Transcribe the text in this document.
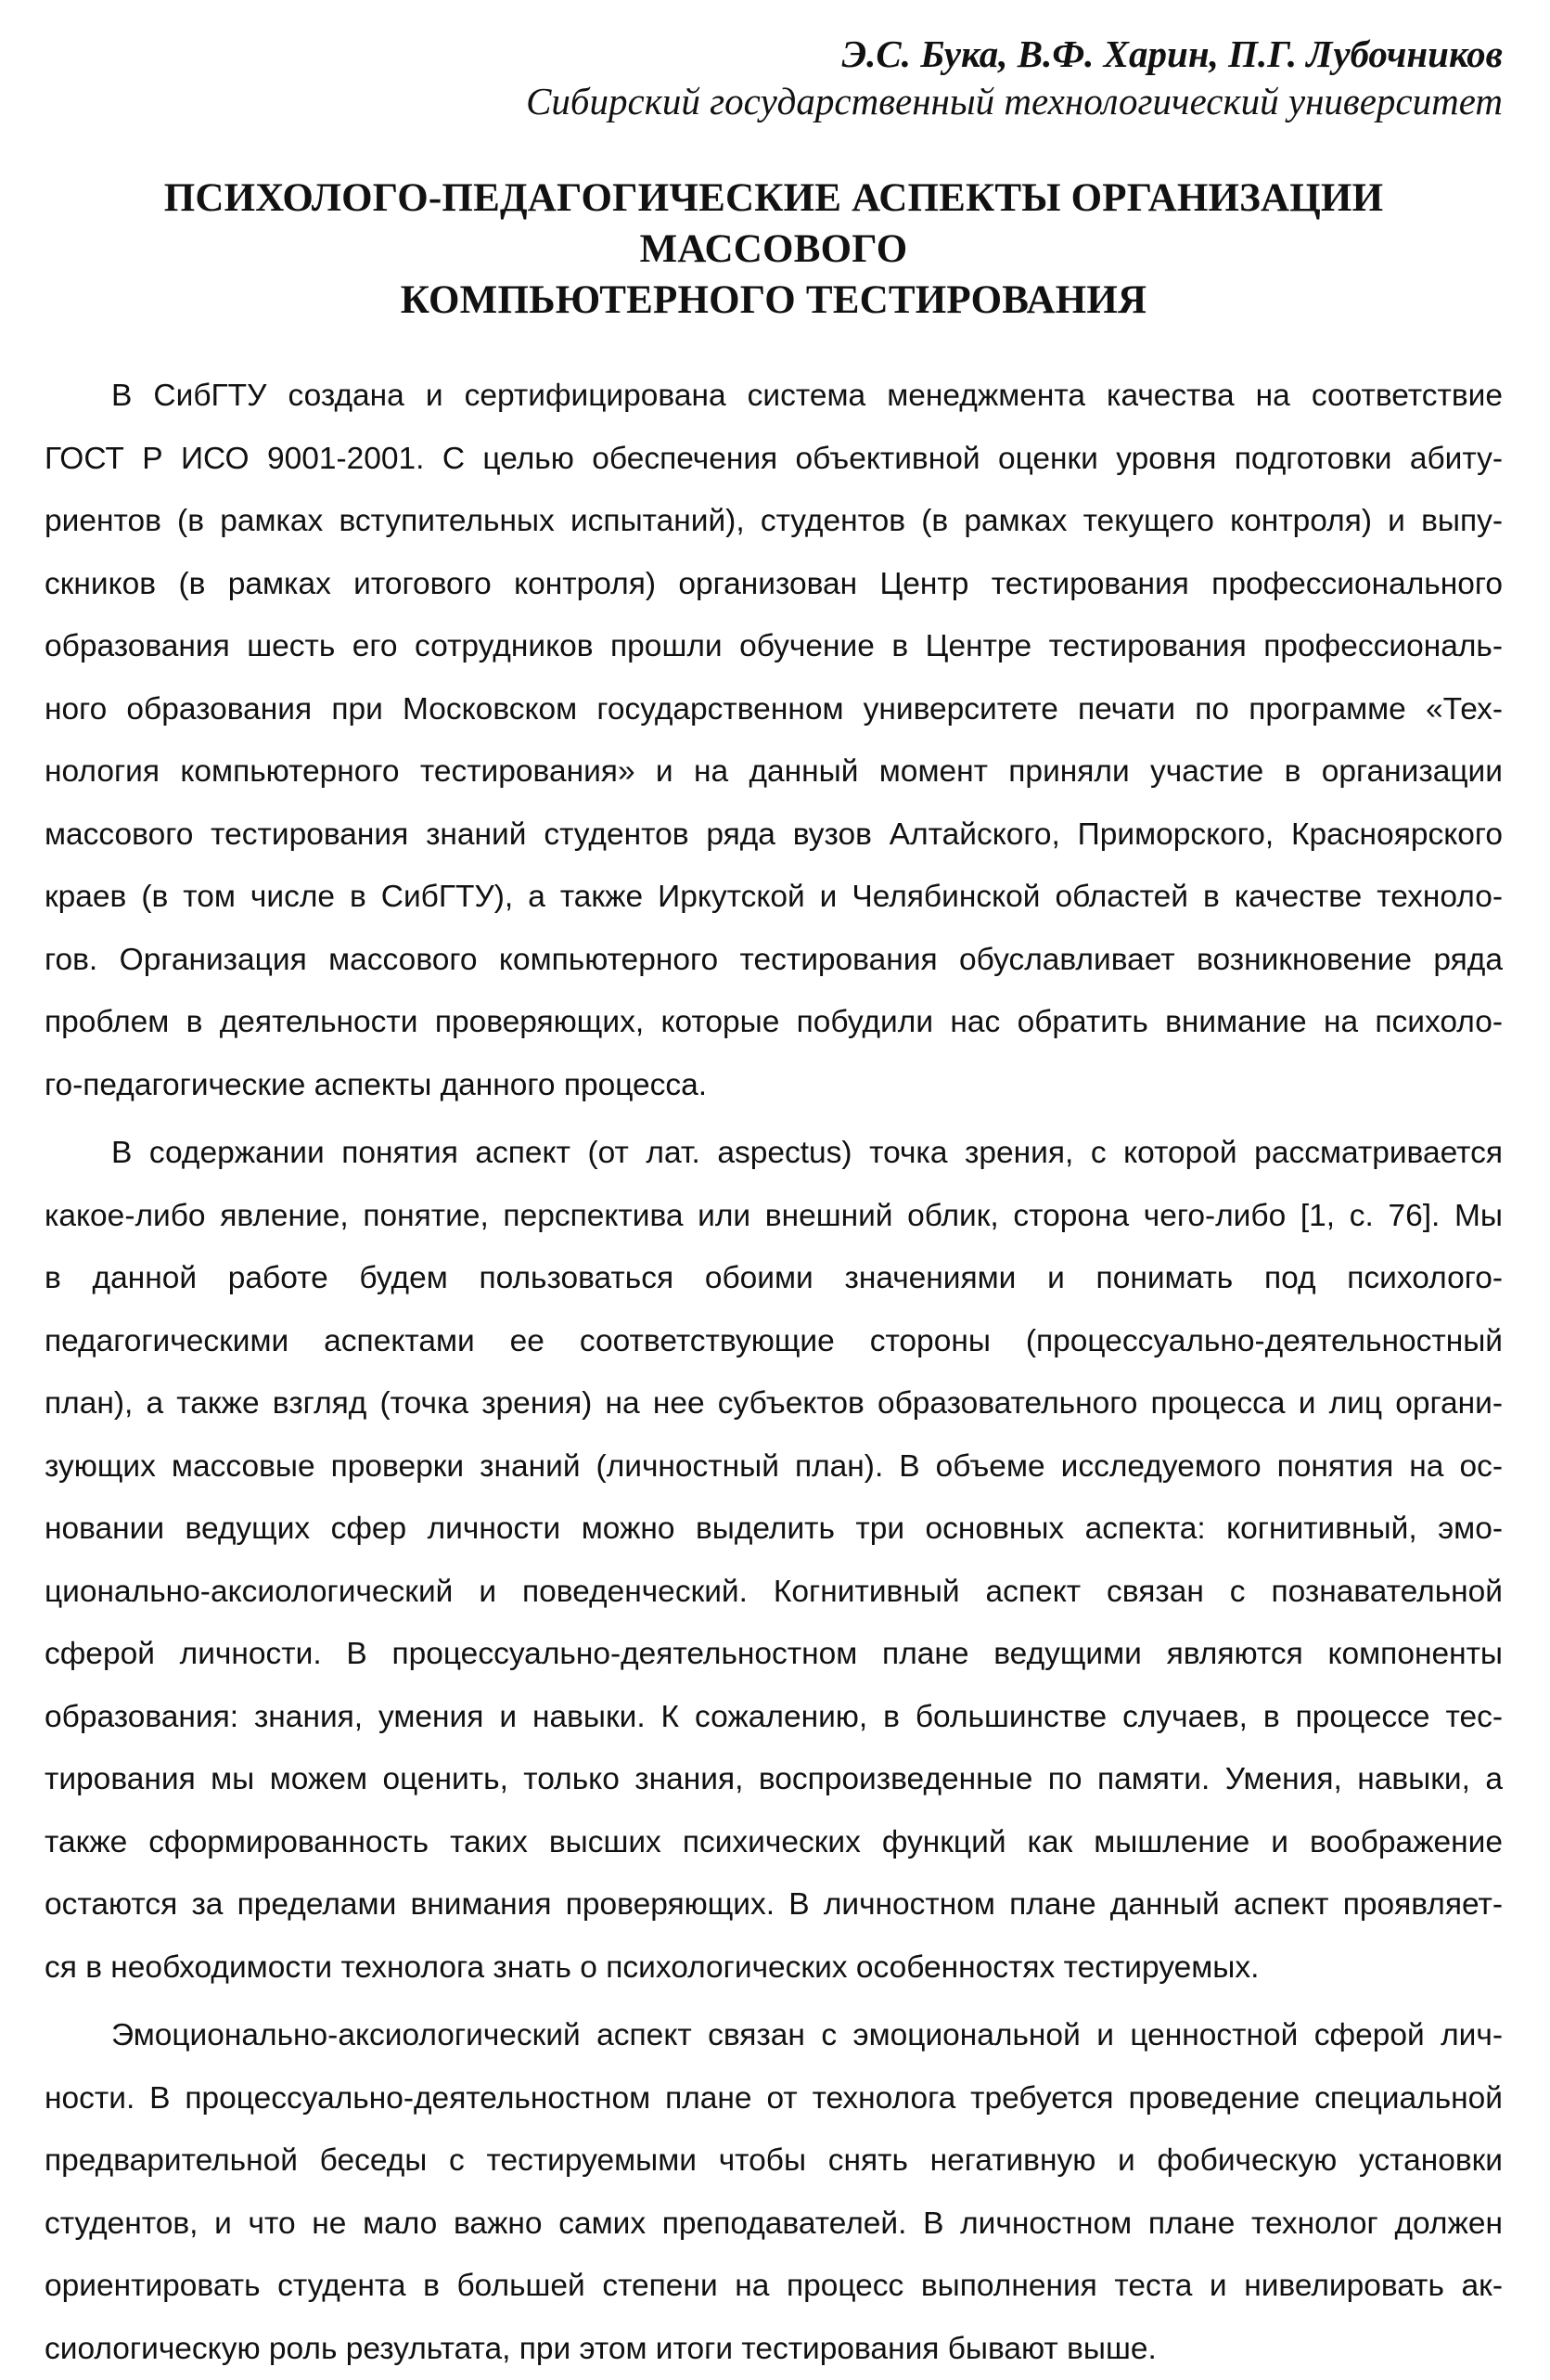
Э.С. Бука, В.Ф. Харин, П.Г. Лубочников

Сибирский государственный технологический университет

ПСИХОЛОГО-ПЕДАГОГИЧЕСКИЕ АСПЕКТЫ ОРГАНИЗАЦИИ МАССОВОГО
КОМПЬЮТЕРНОГО ТЕСТИРОВАНИЯ
В СибГТУ создана и сертифицирована система менеджмента качества на соответствие
ГОСТ Р ИСО 9001-2001. С целью обеспечения объективной оценки уровня подготовки абиту-
риентов (в рамках вступительных испытаний), студентов (в рамках текущего контроля) и выпу-
скников (в рамках итогового контроля) организован Центр тестирования профессионального
образования шесть его сотрудников прошли обучение в Центре тестирования профессиональ-
ного образования при Московском государственном университете печати по программе «Тех-
нология компьютерного тестирования» и на данный момент приняли участие в организации
массового тестирования знаний студентов ряда вузов Алтайского, Приморского, Красноярского
краев (в том числе в СибГТУ), а также Иркутской и Челябинской областей в качестве техноло-
гов. Организация массового компьютерного тестирования обуславливает возникновение ряда
проблем в деятельности проверяющих, которые побудили нас обратить внимание на психоло-
го-педагогические аспекты данного процесса.
В содержании понятия аспект (от лат. aspectus) точка зрения, с которой рассматривается
какое-либо явление, понятие, перспектива или внешний облик, сторона чего-либо [1, с. 76]. Мы
в данной работе будем пользоваться обоими значениями и понимать под психолого-
педагогическими аспектами ее соответствующие стороны (процессуально-деятельностный
план), а также взгляд (точка зрения) на нее субъектов образовательного процесса и лиц органи-
зующих массовые проверки знаний (личностный план). В объеме исследуемого понятия на ос-
новании ведущих сфер личности можно выделить три основных аспекта: когнитивный, эмо-
ционально-аксиологический и поведенческий. Когнитивный аспект связан с познавательной
сферой личности. В процессуально-деятельностном плане ведущими являются компоненты
образования: знания, умения и навыки. К сожалению, в большинстве случаев, в процессе тес-
тирования мы можем оценить, только знания, воспроизведенные по памяти. Умения, навыки, а
также сформированность таких высших психических функций как мышление и воображение
остаются за пределами внимания проверяющих. В личностном плане данный аспект проявляет-
ся в необходимости технолога знать о психологических особенностях тестируемых.
Эмоционально-аксиологический аспект связан с эмоциональной и ценностной сферой лич-
ности. В процессуально-деятельностном плане от технолога требуется проведение специальной
предварительной беседы с тестируемыми чтобы снять негативную и фобическую установки
студентов, и что не мало важно самих преподавателей. В личностном плане технолог должен
ориентировать студента в большей степени на процесс выполнения теста и нивелировать ак-
сиологическую роль результата, при этом итоги тестирования бывают выше.
